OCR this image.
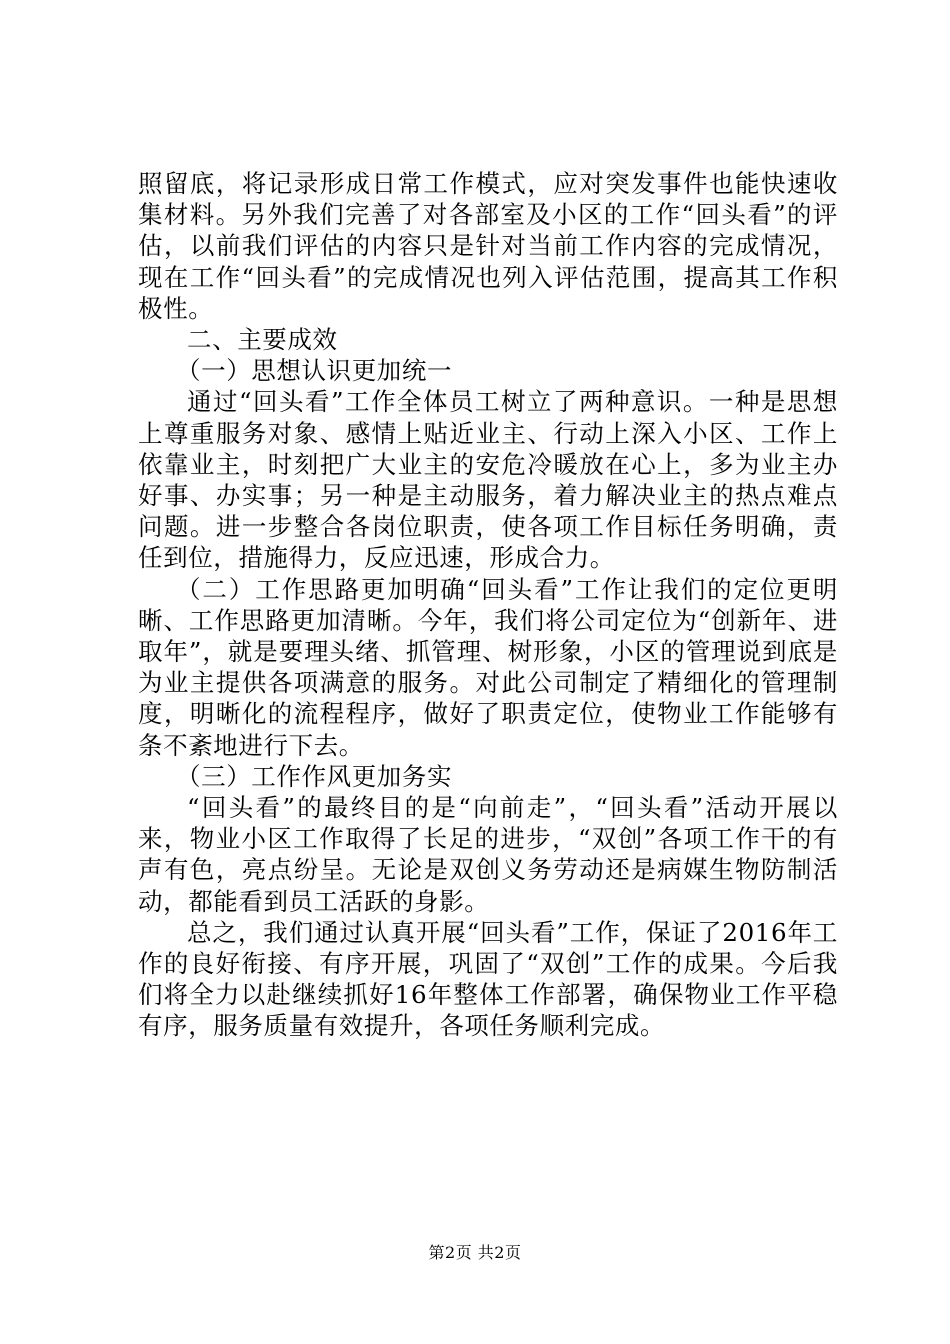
照留底，将记录形成日常工作模式，应对突发事件也能快速收集材料。另外我们完善了对各部室及小区的工作“回头看”的评估，以前我们评估的内容只是针对当前工作内容的完成情况，现在工作“回头看”的完成情况也列入评估范围，提高其工作积极性。

二、主要成效

（一）思想认识更加统一

通过“回头看”工作全体员工树立了两种意识。一种是思想上尊重服务对象、感情上贴近业主、行动上深入小区、工作上依靠业主，时刻把广大业主的安危冷暖放在心上，多为业主办好事、办实事；另一种是主动服务，着力解决业主的热点难点问题。进一步整合各岗位职责，使各项工作目标任务明确，责任到位，措施得力，反应迅速，形成合力。

（二）工作思路更加明确“回头看”工作让我们的定位更明晰、工作思路更加清晰。今年，我们将公司定位为“创新年、进取年”，就是要理头绪、抓管理、树形象，小区的管理说到底是为业主提供各项满意的服务。对此公司制定了精细化的管理制度，明晰化的流程程序，做好了职责定位，使物业工作能够有条不紊地进行下去。

（三）工作作风更加务实

“回头看”的最终目的是“向前走”，“回头看”活动开展以来，物业小区工作取得了长足的进步，“双创”各项工作干的有声有色，亮点纷呈。无论是双创义务劳动还是病媒生物防制活动，都能看到员工活跃的身影。

总之，我们通过认真开展“回头看”工作，保证了2016年工作的良好衔接、有序开展，巩固了“双创”工作的成果。今后我们将全力以赴继续抓好16年整体工作部署，确保物业工作平稳有序，服务质量有效提升，各项任务顺利完成。

第2页 共2页
